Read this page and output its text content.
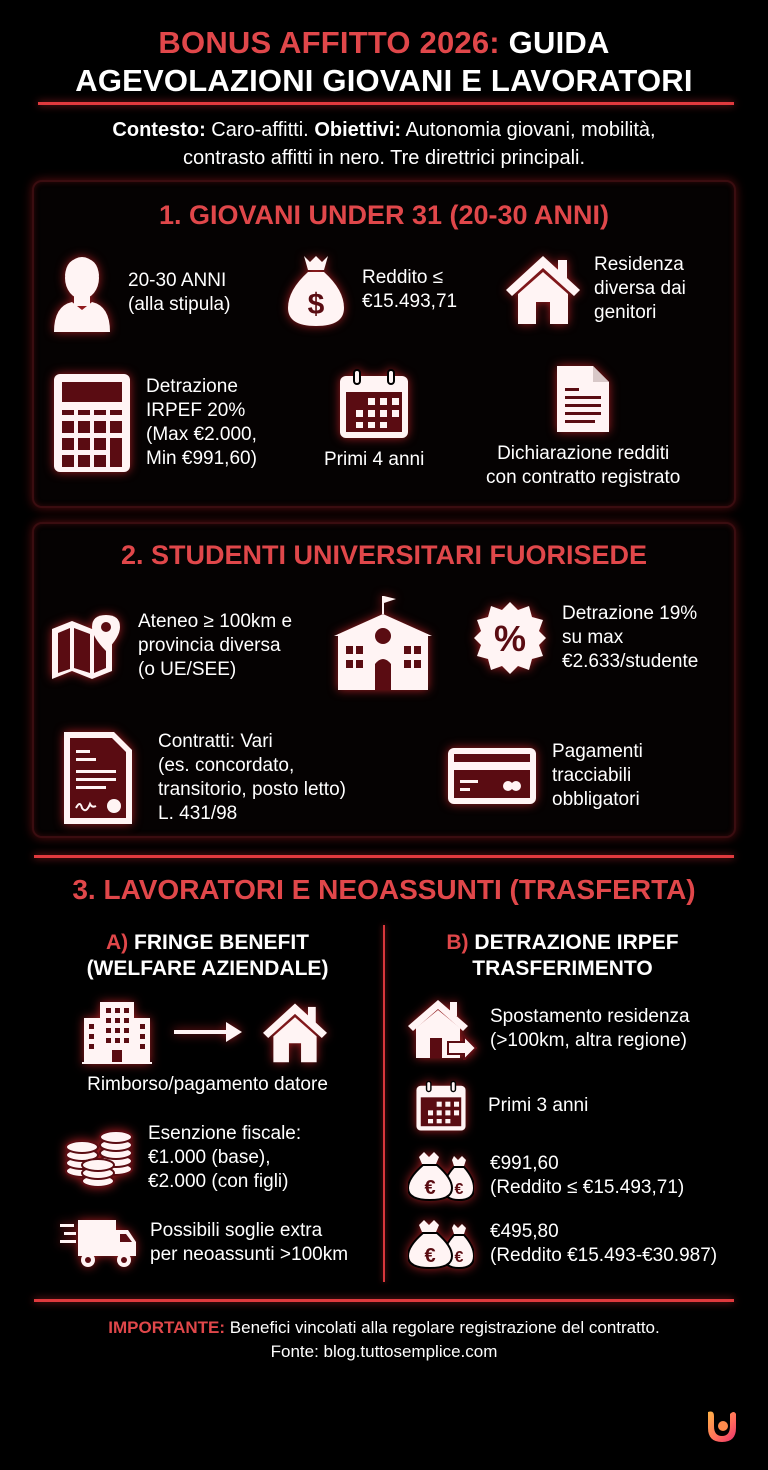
BONUS AFFITTO 2026: GUIDA
AGEVOLAZIONI GIOVANI E LAVORATORI
Contesto: Caro-affitti. Obiettivi: Autonomia giovani, mobilità,
contrasto affitti in nero. Tre direttrici principali.
1. GIOVANI UNDER 31 (20-30 ANNI)
20-30 ANNI
(alla stipula)	$
Reddito ≤
€15.493,71
Residenza
diversa dai
genitori
Detrazione
IRPEF 20%
(Max €2.000,
Min €991,60)	Primi 4 anni	Dichiarazione redditi
con contratto registrato
2. STUDENTI UNIVERSITARI FUORISEDE
Ateneo ≥ 100km e
provincia diversa
(o UE/SEE)
%
Detrazione 19%
su max
€2.633/studente
Contratti: Vari
(es. concordato,
transitorio, posto letto)
L. 431/98
Pagamenti
tracciabili
obbligatori
3. LAVORATORI E NEOASSUNTI (TRASFERTA)
A) FRINGE BENEFIT
(WELFARE AZIENDALE)
Rimborso/pagamento datore
Esenzione fiscale:
€1.000 (base),
€2.000 (con figli)
Possibili soglie extra
per neoassunti >100km
B) DETRAZIONE IRPEF
TRASFERIMENTO
Spostamento residenza
(>100km, altra regione)
Primi 3 anni
€
€
€991,60
(Reddito ≤ €15.493,71)
€
€
€495,80
(Reddito €15.493-€30.987)
IMPORTANTE: Benefici vincolati alla regolare registrazione del contratto.
Fonte: blog.tuttosemplice.com
